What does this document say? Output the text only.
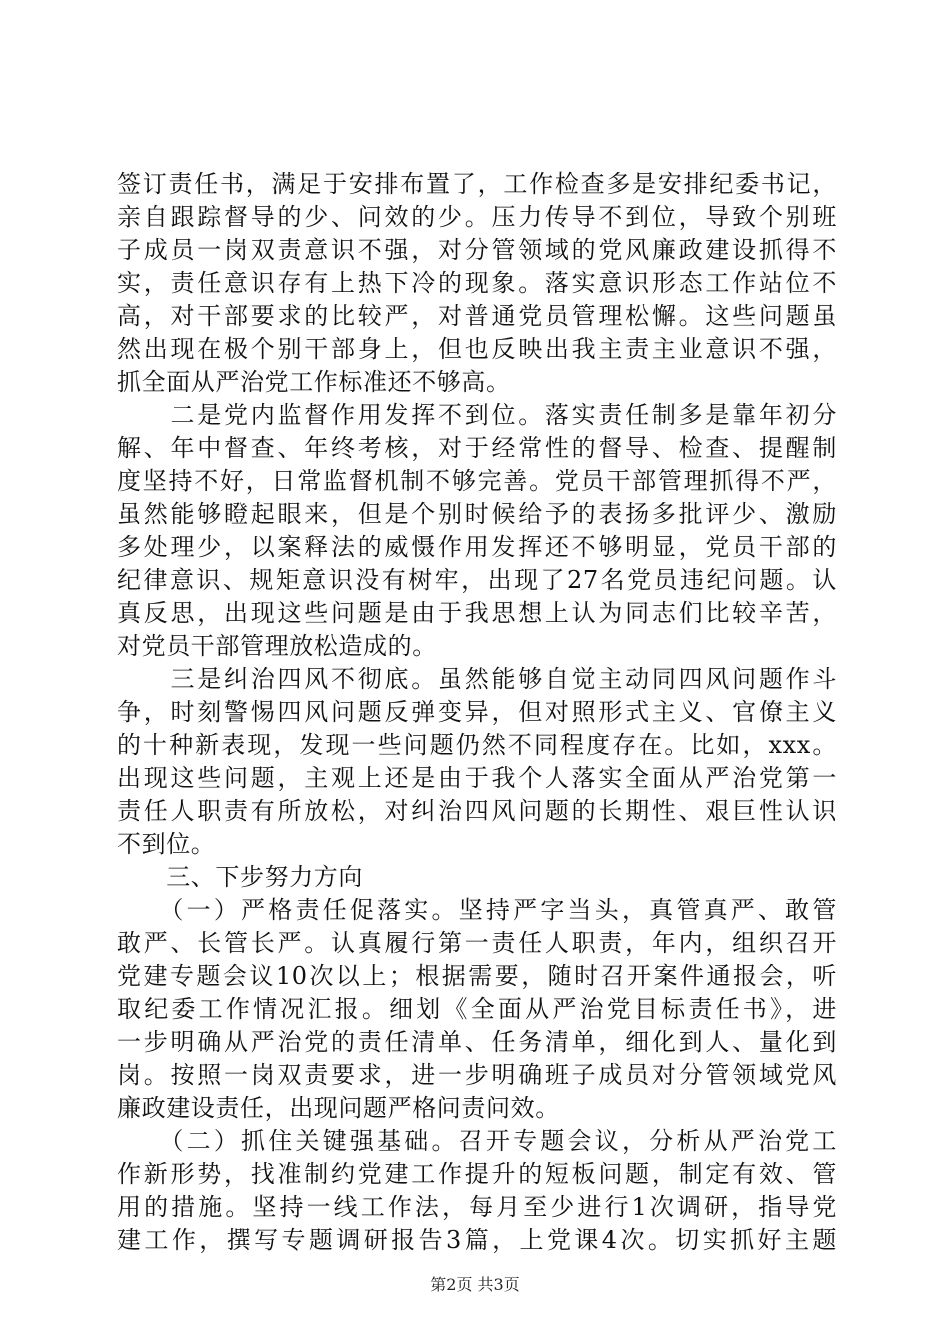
签订责任书，满足于安排布置了，工作检查多是安排纪委书记，
亲自跟踪督导的少、问效的少。压力传导不到位，导致个别班
子成员一岗双责意识不强，对分管领域的党风廉政建设抓得不
实，责任意识存有上热下冷的现象。落实意识形态工作站位不
高，对干部要求的比较严，对普通党员管理松懈。这些问题虽
然出现在极个别干部身上，但也反映出我主责主业意识不强，
抓全面从严治党工作标准还不够高。
　　二是党内监督作用发挥不到位。落实责任制多是靠年初分
解、年中督查、年终考核，对于经常性的督导、检查、提醒制
度坚持不好，日常监督机制不够完善。党员干部管理抓得不严，
虽然能够瞪起眼来，但是个别时候给予的表扬多批评少、激励
多处理少，以案释法的威慑作用发挥还不够明显，党员干部的
纪律意识、规矩意识没有树牢，出现了27名党员违纪问题。认
真反思，出现这些问题是由于我思想上认为同志们比较辛苦，
对党员干部管理放松造成的。
　　三是纠治四风不彻底。虽然能够自觉主动同四风问题作斗
争，时刻警惕四风问题反弹变异，但对照形式主义、官僚主义
的十种新表现，发现一些问题仍然不同程度存在。比如，xxx。
出现这些问题，主观上还是由于我个人落实全面从严治党第一
责任人职责有所放松，对纠治四风问题的长期性、艰巨性认识
不到位。
　　三、下步努力方向
　　（一）严格责任促落实。坚持严字当头，真管真严、敢管
敢严、长管长严。认真履行第一责任人职责，年内，组织召开
党建专题会议10次以上；根据需要，随时召开案件通报会，听
取纪委工作情况汇报。细划《全面从严治党目标责任书》，进
一步明确从严治党的责任清单、任务清单，细化到人、量化到
岗。按照一岗双责要求，进一步明确班子成员对分管领域党风
廉政建设责任，出现问题严格问责问效。
　　（二）抓住关键强基础。召开专题会议，分析从严治党工
作新形势，找准制约党建工作提升的短板问题，制定有效、管
用的措施。坚持一线工作法，每月至少进行1次调研，指导党
建工作，撰写专题调研报告3篇，上党课4次。切实抓好主题
第2页 共3页
